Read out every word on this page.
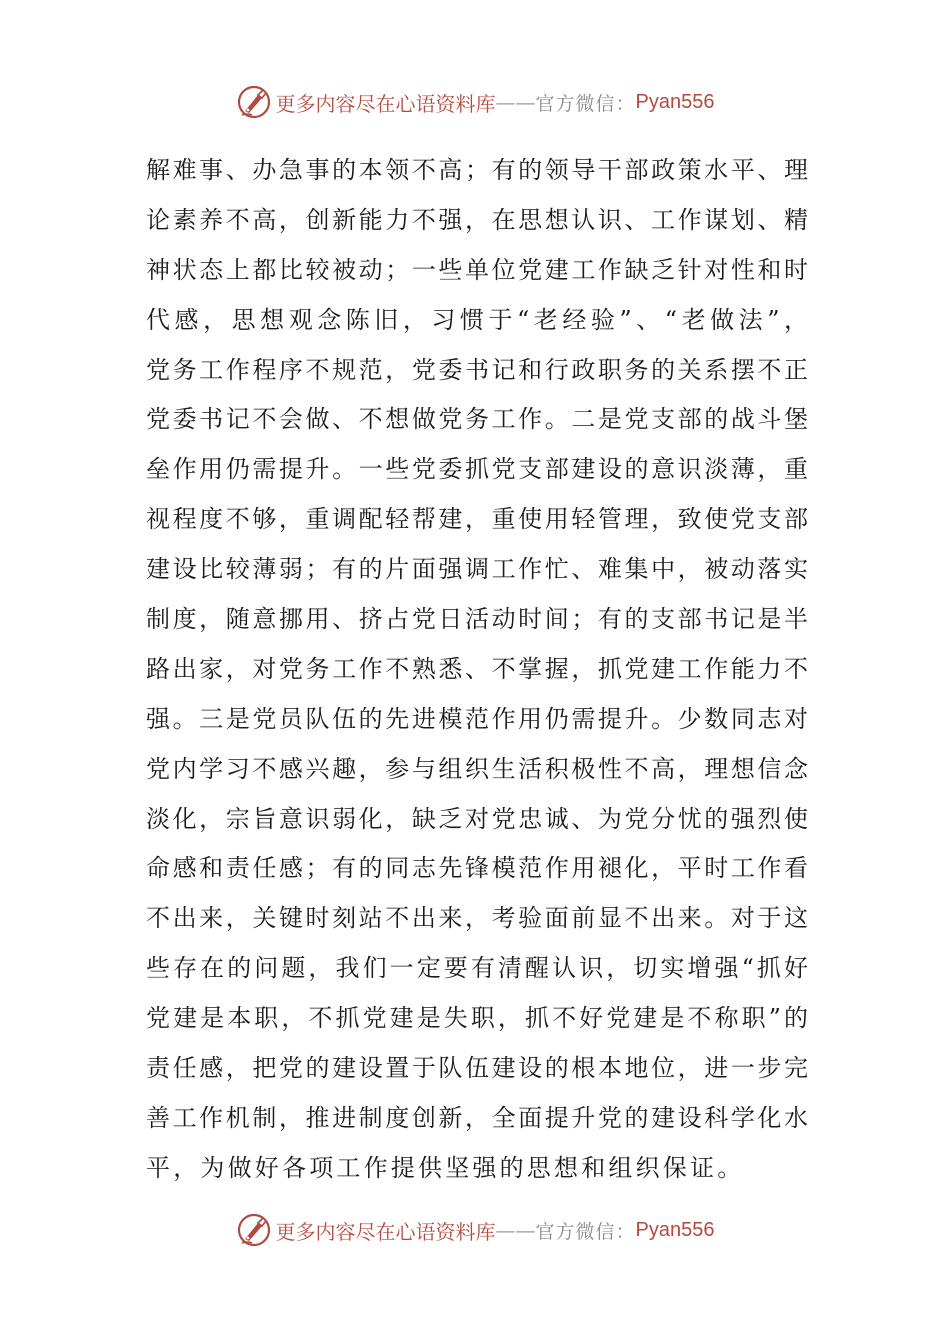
更多内容尽在心语资料库 —— 官方微信： Pyan556
解难事、办急事的本领不高；有的领导干部政策水平、理
论素养不高，创新能力不强，在思想认识、工作谋划、精
神状态上都比较被动；一些单位党建工作缺乏针对性和时
代感，思想观念陈旧，习惯于“老经验”、“老做法”，
党务工作程序不规范，党委书记和行政职务的关系摆不正
党委书记不会做、不想做党务工作。二是党支部的战斗堡
垒作用仍需提升。一些党委抓党支部建设的意识淡薄，重
视程度不够，重调配轻帮建，重使用轻管理，致使党支部
建设比较薄弱；有的片面强调工作忙、难集中，被动落实
制度，随意挪用、挤占党日活动时间；有的支部书记是半
路出家，对党务工作不熟悉、不掌握，抓党建工作能力不
强。三是党员队伍的先进模范作用仍需提升。少数同志对
党内学习不感兴趣，参与组织生活积极性不高，理想信念
淡化，宗旨意识弱化，缺乏对党忠诚、为党分忧的强烈使
命感和责任感；有的同志先锋模范作用褪化，平时工作看
不出来，关键时刻站不出来，考验面前显不出来。对于这
些存在的问题，我们一定要有清醒认识，切实增强“抓好
党建是本职，不抓党建是失职，抓不好党建是不称职”的
责任感，把党的建设置于队伍建设的根本地位，进一步完
善工作机制，推进制度创新，全面提升党的建设科学化水
平，为做好各项工作提供坚强的思想和组织保证。
更多内容尽在心语资料库 —— 官方微信： Pyan556
